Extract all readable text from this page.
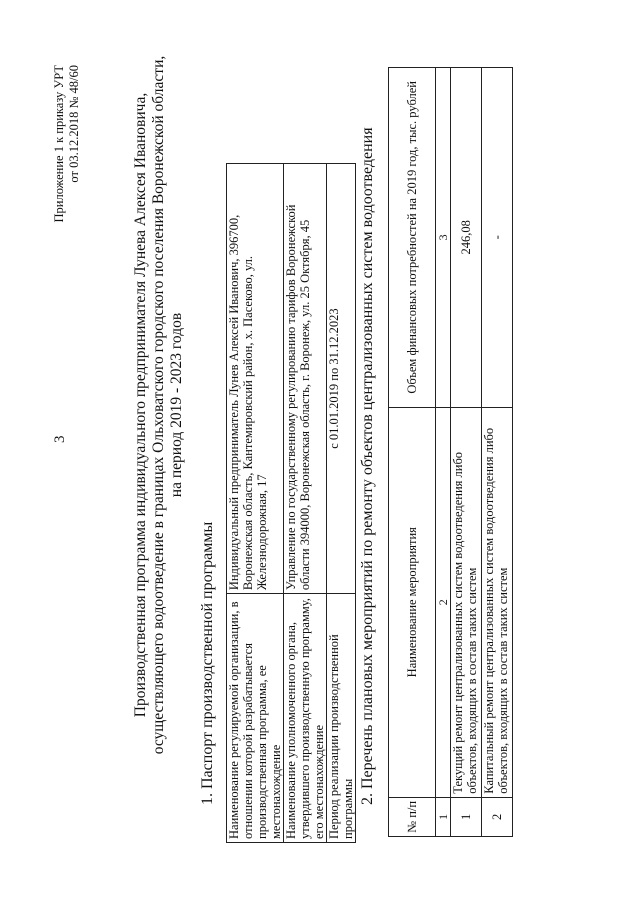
3
Приложение 1 к приказу УРТ от 03.12.2018 № 48/60	Производственная программа индивидуального предпринимателя Лунева Алексея Ивановича, осуществляющего водоотведение в границах Ольховатского городского поселения Воронежской области, на период 2019 - 2023 годов
1. Паспорт производственной программы Наименование регулируемой организации, в отношении которой разрабатывается производственная программа, ее местонахождение	Индивидуальный предприниматель Лунев Алексей Иванович, 396700, Воронежская область, Кантемировский район, х. Пасеково, ул. Железнодорожная, 17
Наименование уполномоченного органа, утвердившего производственную программу, его местонахождение	Управление по государственному регулированию тарифов Воронежской области 394000, Воронежская область, г. Воронеж, ул. 25 Октября, 45
Период реализации производственной программы	с 01.01.2019 по 31.12.2023 2. Перечень плановых мероприятий по ремонту объектов централизованных систем водоотведения
№ п/п	Наименование мероприятия	Объем финансовых потребностей на 2019 год, тыс. рублей
1	2	3
1	Текущий ремонт централизованных систем водоотведения либо объектов, входящих в состав таких систем	246,08
2	Капитальный ремонт централизованных систем водоотведения либо объектов, входящих в состав таких систем	-
